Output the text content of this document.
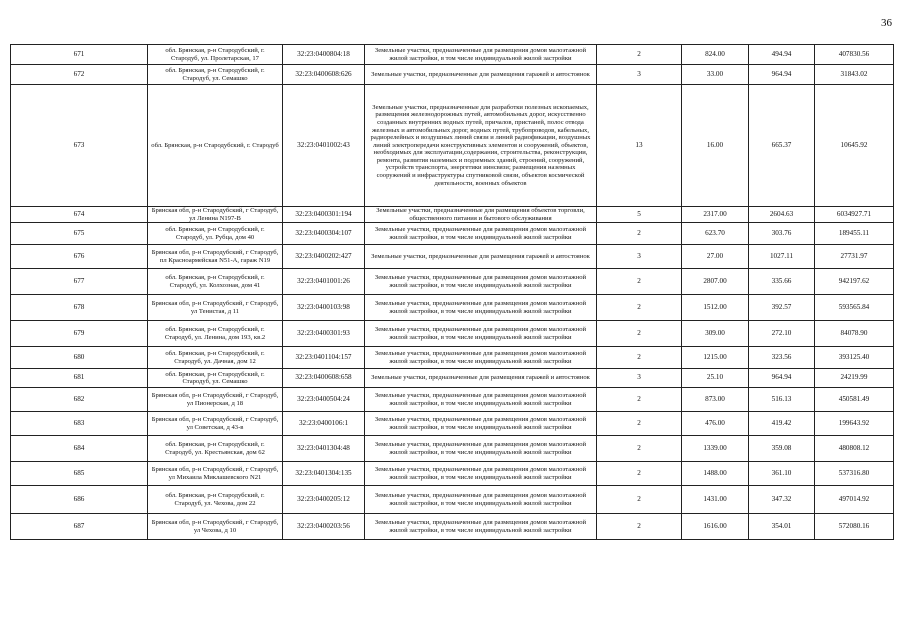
36
671	обл. Брянская, р-н Стародубский, г. Стародуб, ул. Пролетарская, 17	32:23:0400804:18	Земельные участки, предназначенные для размещения домов малоэтажной жилой застройки, в том числе индивидуальной жилой застройки	2	824.00	494.94	407830.56
672	обл. Брянская, р-н Стародубский, г. Стародуб, ул. Семашко	32:23:0400608:626	Земельные участки, предназначенные для размещения гаражей и автостоянок	3	33.00	964.94	31843.02
673	обл. Брянская, р-н Стародубский, г. Стародуб	32:23:0401002:43	Земельные участки, предназначенные для разработки полезных ископаемых, размещения железнодорожных путей, автомобильных дорог, искусственно созданных внутренних водных путей, причалов, пристаней, полос отвода железных и автомобильных дорог, водных путей, трубопроводов, кабельных, радиорелейных и воздушных линий связи и линий радиофикации, воздушных линий электропередачи конструктивных элементов и сооружений, объектов, необходимых для эксплуатации,содержания, строительства, реконструкции, ремонта, развития наземных и подземных зданий, строений, сооружений, устройств транспорта, энергетики иинсвязи; размещения наземных сооружений и инфраструктуры спутниковой связи, объектов космической деятельности, военных объектов	13	16.00	665.37	10645.92
674	Брянская обл, р-н Стародубский, г Стародуб, ул Ленина N197-В	32:23:0400301:194	Земельные участки, предназначенные для размещения объектов торговли, общественного питания и бытового обслуживания	5	2317.00	2604.63	6034927.71
675	обл. Брянская, р-н Стародубский, г. Стародуб, ул. Рубца, дом 40	32:23:0400304:107	Земельные участки, предназначенные для размещения домов малоэтажной жилой застройки, в том числе индивидуальной жилой застройки	2	623.70	303.76	189455.11
676	Брянская обл, р-н Стародубский, г Стародуб, пл Красноармейская N51-А, гараж N19	32:23:0400202:427	Земельные участки, предназначенные для размещения гаражей и автостоянок	3	27.00	1027.11	27731.97
677	обл. Брянская, р-н Стародубский, г. Стародуб, ул. Колхозная, дом 41	32:23:0401001:26	Земельные участки, предназначенные для размещения домов малоэтажной жилой застройки, в том числе индивидуальной жилой застройки	2	2807.00	335.66	942197.62
678	Брянская обл, р-н Стародубский, г Стародуб, ул Тенистая, д 11	32:23:0400103:98	Земельные участки, предназначенные для размещения домов малоэтажной жилой застройки, в том числе индивидуальной жилой застройки	2	1512.00	392.57	593565.84
679	обл. Брянская, р-н Стародубский, г. Стародуб, ул. Ленина, дом 193, кв.2	32:23:0400301:93	Земельные участки, предназначенные для размещения домов малоэтажной жилой застройки, в том числе индивидуальной жилой застройки	2	309.00	272.10	84078.90
680	обл. Брянская, р-н Стародубский, г. Стародуб, ул. Дачная, дом 12	32:23:0401104:157	Земельные участки, предназначенные для размещения домов малоэтажной жилой застройки, в том числе индивидуальной жилой застройки	2	1215.00	323.56	393125.40
681	обл. Брянская, р-н Стародубский, г. Стародуб, ул. Семашко	32:23:0400608:658	Земельные участки, предназначенные для размещения гаражей и автостоянок	3	25.10	964.94	24219.99
682	Брянская обл, р-н Стародубский, г Стародуб, ул Пионерская, д 18	32:23:0400504:24	Земельные участки, предназначенные для размещения домов малоэтажной жилой застройки, в том числе индивидуальной жилой застройки	2	873.00	516.13	450581.49
683	Брянская обл, р-н Стародубский, г Стародуб, ул Советская, д 43-в	32:23:0400106:1	Земельные участки, предназначенные для размещения домов малоэтажной жилой застройки, в том числе индивидуальной жилой застройки	2	476.00	419.42	199643.92
684	обл. Брянская, р-н Стародубский, г. Стародуб, ул. Крестьянская, дом 62	32:23:0401304:48	Земельные участки, предназначенные для размещения домов малоэтажной жилой застройки, в том числе индивидуальной жилой застройки	2	1339.00	359.08	480808.12
685	Брянская обл, р-н Стародубский, г Стародуб, ул Михаила Миклашевского N21	32:23:0401304:135	Земельные участки, предназначенные для размещения домов малоэтажной жилой застройки, в том числе индивидуальной жилой застройки	2	1488.00	361.10	537316.80
686	обл. Брянская, р-н Стародубский, г. Стародуб, ул. Чехова, дом 22	32:23:0400205:12	Земельные участки, предназначенные для размещения домов малоэтажной жилой застройки, в том числе индивидуальной жилой застройки	2	1431.00	347.32	497014.92
687	Брянская обл, р-н Стародубский, г Стародуб, ул Чехова, д 10	32:23:0400203:56	Земельные участки, предназначенные для размещения домов малоэтажной жилой застройки, в том числе индивидуальной жилой застройки	2	1616.00	354.01	572080.16
